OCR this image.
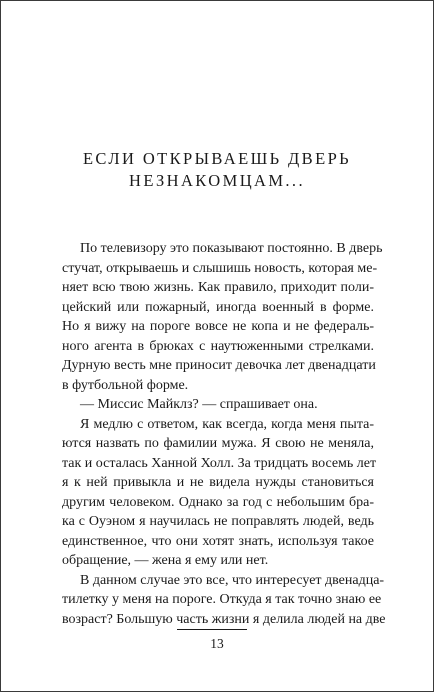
ЕСЛИ ОТКРЫВАЕШЬ ДВЕРЬ
НЕЗНАКОМЦАМ...
По телевизору это показывают постоянно. В дверь
стучат, открываешь и слышишь новость, которая ме-
няет всю твою жизнь. Как правило, приходит поли-
цейский или пожарный, иногда военный в форме.
Но я вижу на пороге вовсе не копа и не федераль-
ного агента в брюках с наутюженными стрелками.
Дурную весть мне приносит девочка лет двенадцати
в футбольной форме.
— Миссис Майклз? — спрашивает она.
Я медлю с ответом, как всегда, когда меня пыта-
ются назвать по фамилии мужа. Я свою не меняла,
так и осталась Ханной Холл. За тридцать восемь лет
я к ней привыкла и не видела нужды становиться
другим человеком. Однако за год с небольшим бра-
ка с Оуэном я научилась не поправлять людей, ведь
единственное, что они хотят знать, используя такое
обращение, — жена я ему или нет.
В данном случае это все, что интересует двенадца-
тилетку у меня на пороге. Откуда я так точно знаю ее
возраст? Большую часть жизни я делила людей на две
13
